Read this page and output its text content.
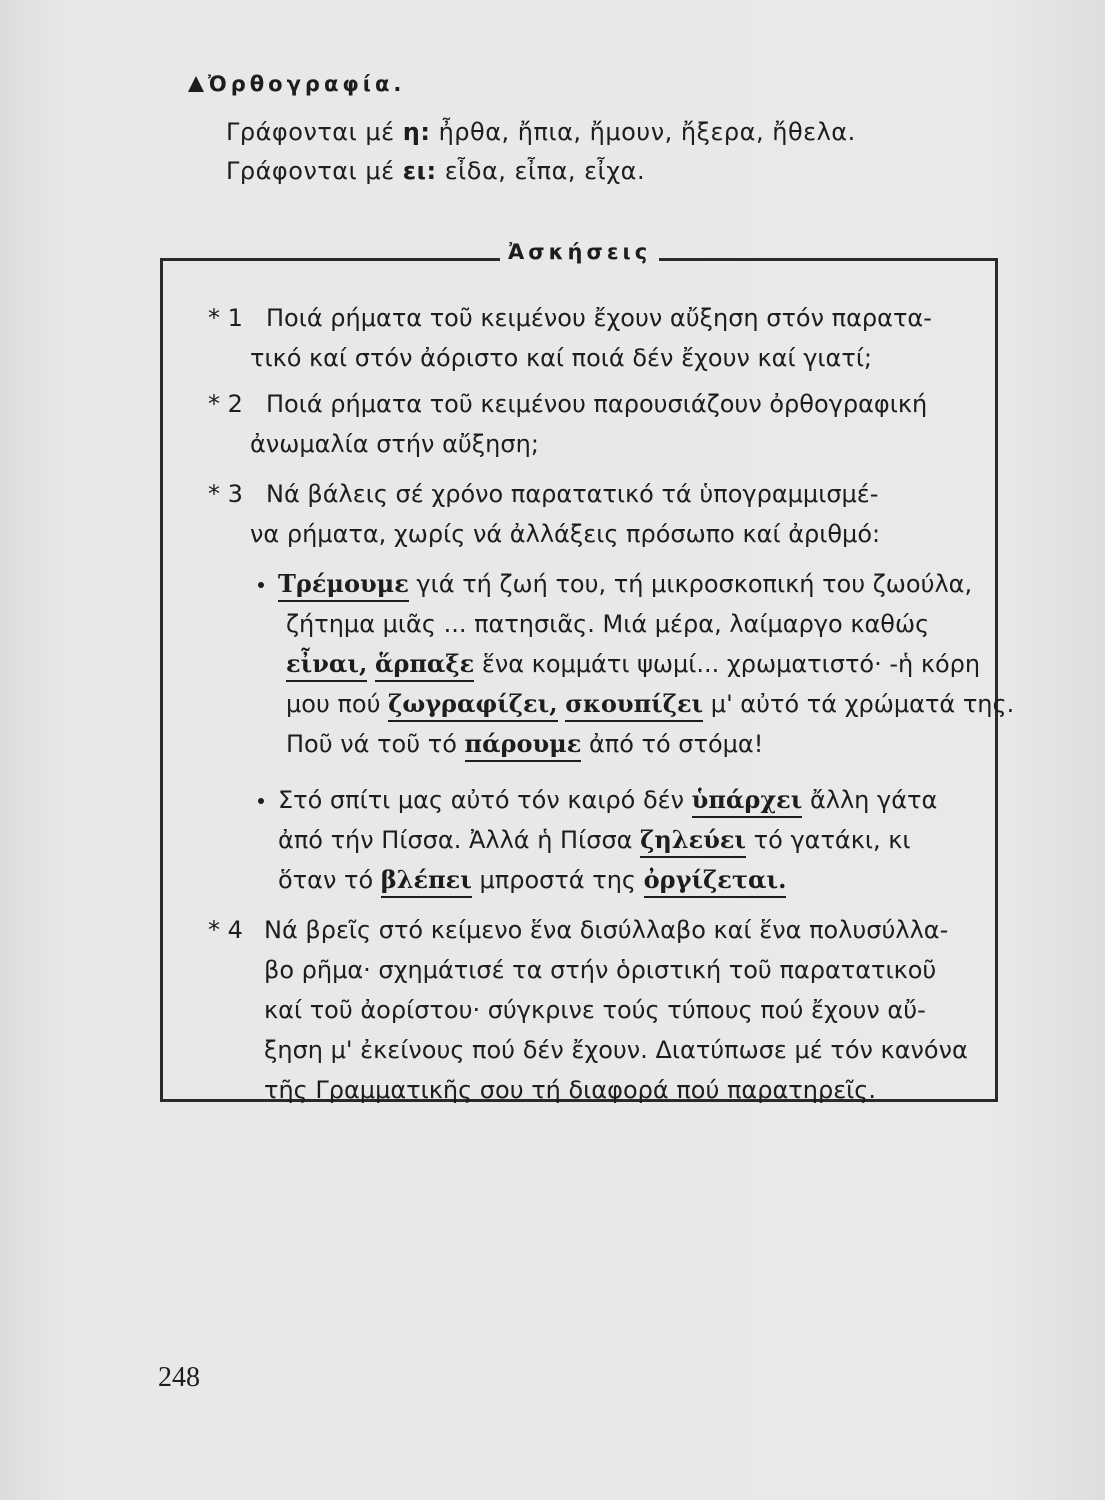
Ὀρθογραφία.
Γράφονται μέ η: ἦρθα, ἤπια, ἤμουν, ἤξερα, ἤθελα.
Γράφονται μέ ει: εἶδα, εἶπα, εἶχα.
Ἀσκήσεις
* 1 Ποιά ρήματα τοῦ κειμένου ἔχουν αὔξηση στόν παρατα-
τικό καί στόν ἀόριστο καί ποιά δέν ἔχουν καί γιατί;
* 2 Ποιά ρήματα τοῦ κειμένου παρουσιάζουν ὀρθογραφική
ἀνωμαλία στήν αὔξηση;
* 3 Νά βάλεις σέ χρόνο παρατατικό τά ὑπογραμμισμέ-
να ρήματα, χωρίς νά ἀλλάξεις πρόσωπο καί ἀριθμό:
Τρέμουμε γιά τή ζωή του, τή μικροσκοπική του ζωούλα,
ζήτημα μιᾶς ... πατησιᾶς. Μιά μέρα, λαίμαργο καθώς
εἶναι, ἅρπαξε ἕνα κομμάτι ψωμί... χρωματιστό· -ἡ κόρη
μου πού ζωγραφίζει, σκουπίζει μ' αὐτό τά χρώματά της.
Ποῦ νά τοῦ τό πάρουμε ἀπό τό στόμα!
Στό σπίτι μας αὐτό τόν καιρό δέν ὑπάρχει ἄλλη γάτα
ἀπό τήν Πίσσα. Ἀλλά ἡ Πίσσα ζηλεύει τό γατάκι, κι
ὅταν τό βλέπει μπροστά της ὀργίζεται.
* 4 Νά βρεῖς στό κείμενο ἕνα δισύλλαβο καί ἕνα πολυσύλλα-
βο ρῆμα· σχημάτισέ τα στήν ὁριστική τοῦ παρατατικοῦ
καί τοῦ ἀορίστου· σύγκρινε τούς τύπους πού ἔχουν αὔ-
ξηση μ' ἐκείνους πού δέν ἔχουν. Διατύπωσε μέ τόν κανόνα
τῆς Γραμματικῆς σου τή διαφορά πού παρατηρεῖς.
248
